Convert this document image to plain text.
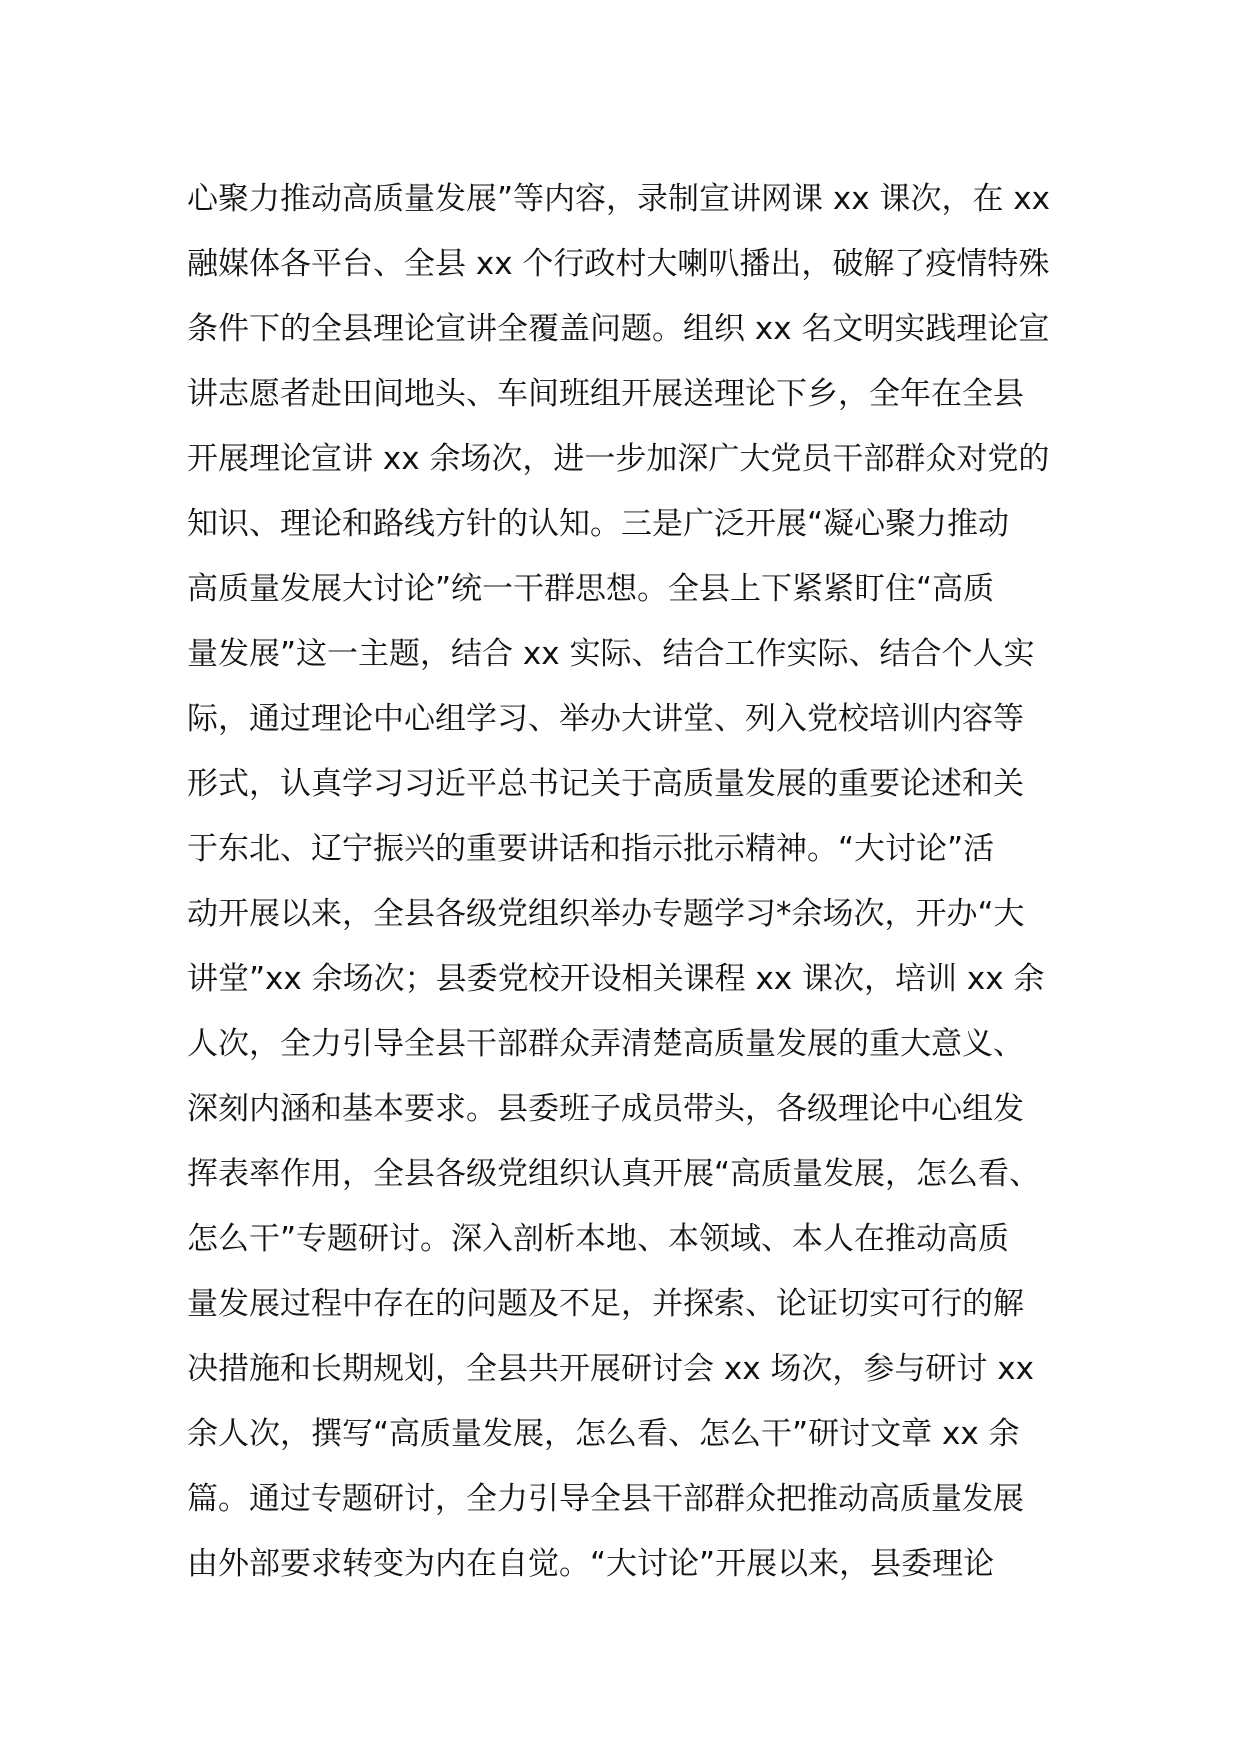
心聚力推动高质量发展”等内容，录制宣讲网课 xx 课次，在 xx
融媒体各平台、全县 xx 个行政村大喇叭播出，破解了疫情特殊
条件下的全县理论宣讲全覆盖问题。组织 xx 名文明实践理论宣
讲志愿者赴田间地头、车间班组开展送理论下乡，全年在全县
开展理论宣讲 xx 余场次，进一步加深广大党员干部群众对党的
知识、理论和路线方针的认知。三是广泛开展“凝心聚力推动
高质量发展大讨论”统一干群思想。全县上下紧紧盯住“高质
量发展”这一主题，结合 xx 实际、结合工作实际、结合个人实
际，通过理论中心组学习、举办大讲堂、列入党校培训内容等
形式，认真学习习近平总书记关于高质量发展的重要论述和关
于东北、辽宁振兴的重要讲话和指示批示精神。“大讨论”活
动开展以来，全县各级党组织举办专题学习*余场次，开办“大
讲堂”xx 余场次；县委党校开设相关课程 xx 课次，培训 xx 余
人次，全力引导全县干部群众弄清楚高质量发展的重大意义、
深刻内涵和基本要求。县委班子成员带头，各级理论中心组发
挥表率作用，全县各级党组织认真开展“高质量发展，怎么看、
怎么干”专题研讨。深入剖析本地、本领域、本人在推动高质
量发展过程中存在的问题及不足，并探索、论证切实可行的解
决措施和长期规划，全县共开展研讨会 xx 场次，参与研讨 xx
余人次，撰写“高质量发展，怎么看、怎么干”研讨文章 xx 余
篇。通过专题研讨，全力引导全县干部群众把推动高质量发展
由外部要求转变为内在自觉。“大讨论”开展以来，县委理论
